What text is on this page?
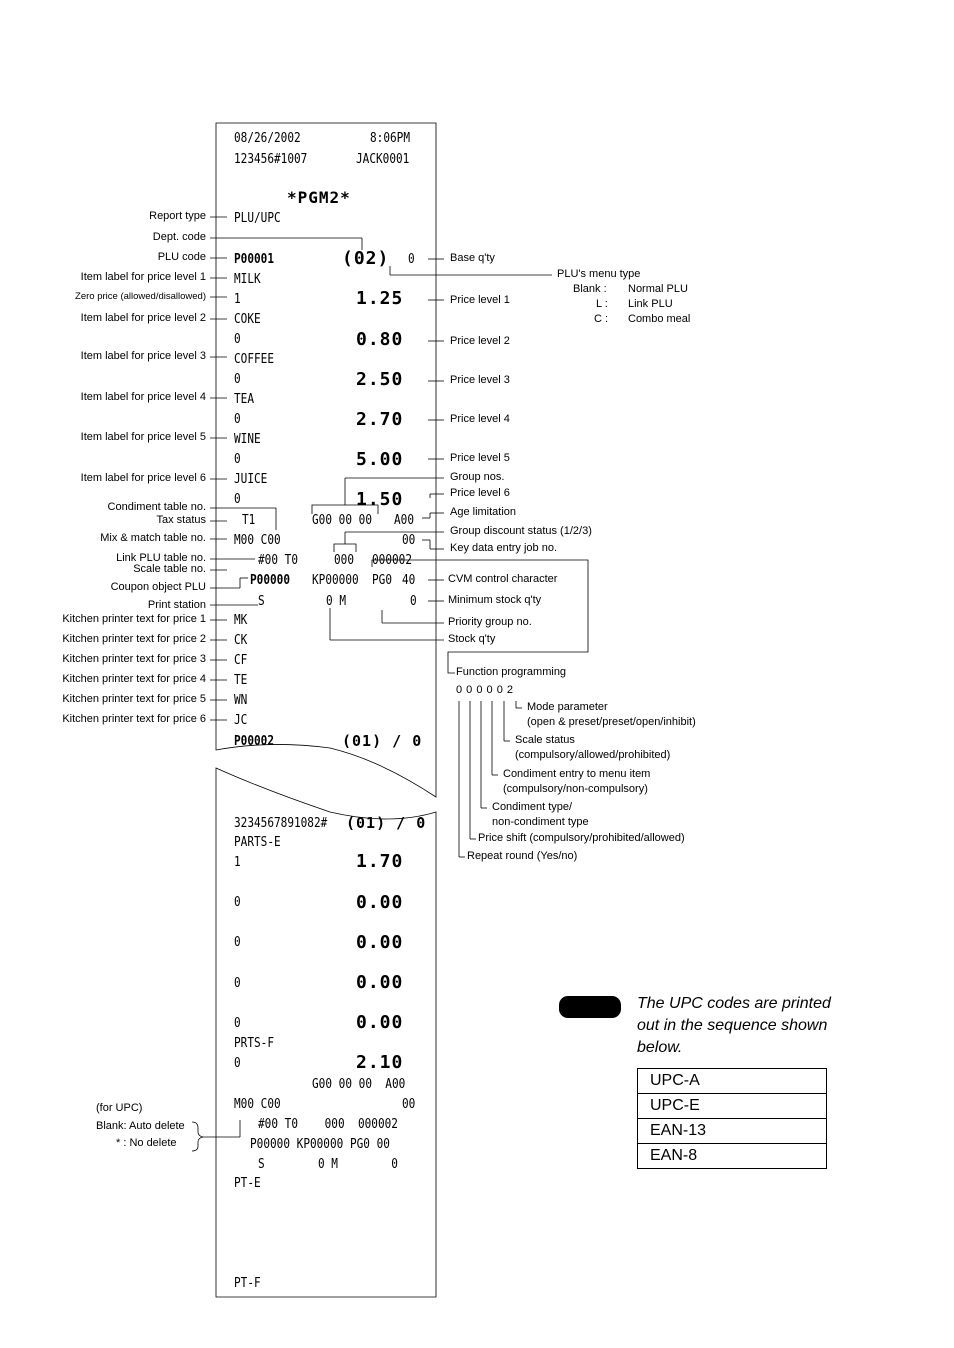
08/26/2002	8:06PM
123456#1007	JACK0001
*PGM2*
PLU/UPC
P00001	(02) 0
MILK
1	1.25
COKE
0	0.80
COFFEE
0	2.50
TEA
0	2.70
WINE
0	5.00
JUICE
0	1.50
T1	G00 00 00 A00
M00 C00	00
#00 T0	000 000002
P00000 KP00000 PG0 40
S	0 M	0
MK
CK
CF
TE
WN
JC
P00002	(01) / 0
3234567891082# (01) / 0
PARTS-E
1	1.70
0	0.00
0	0.00
0	0.00
0	0.00
PRTS-F
0	2.10
G00 00 00  A00
M00 C00	00
#00 T0    000  000002
P00000 KP00000 PG0 00
S        0 M        0
PT-E
PT-F
Report type
Dept. code
PLU code
Item label for price level 1
Zero price (allowed/disallowed)
Item label for price level 2
Item label for price level 3
Item label for price level 4
Item label for price level 5
Item label for price level 6
Condiment table no.
Tax status
Mix & match table no.
Link PLU table no.
Scale table no.
Coupon object PLU
Print station
Kitchen printer text for price 1
Kitchen printer text for price 2
Kitchen printer text for price 3
Kitchen printer text for price 4
Kitchen printer text for price 5
Kitchen printer text for price 6
(for UPC)
Blank: Auto delete
* : No delete
Base q'ty
PLU's menu type
Blank : Normal PLU
L : Link PLU
C : Combo meal
Price level 1
Price level 2
Price level 3
Price level 4
Price level 5
Group nos.
Price level 6
Age limitation
Group discount status (1/2/3)
Key data entry job no.
CVM control character
Minimum stock q'ty
Priority group no.
Stock q'ty
Function programming
0 0 0 0 0 2
Mode parameter
(open & preset/preset/open/inhibit)
Scale status
(compulsory/allowed/prohibited)
Condiment entry to menu item
(compulsory/non-compulsory)
Condiment type/
non-condiment type
Price shift (compulsory/prohibited/allowed)
Repeat round (Yes/no)
The UPC codes are printed out in the sequence shown below.
UPC-A
UPC-E
EAN-13
EAN-8
